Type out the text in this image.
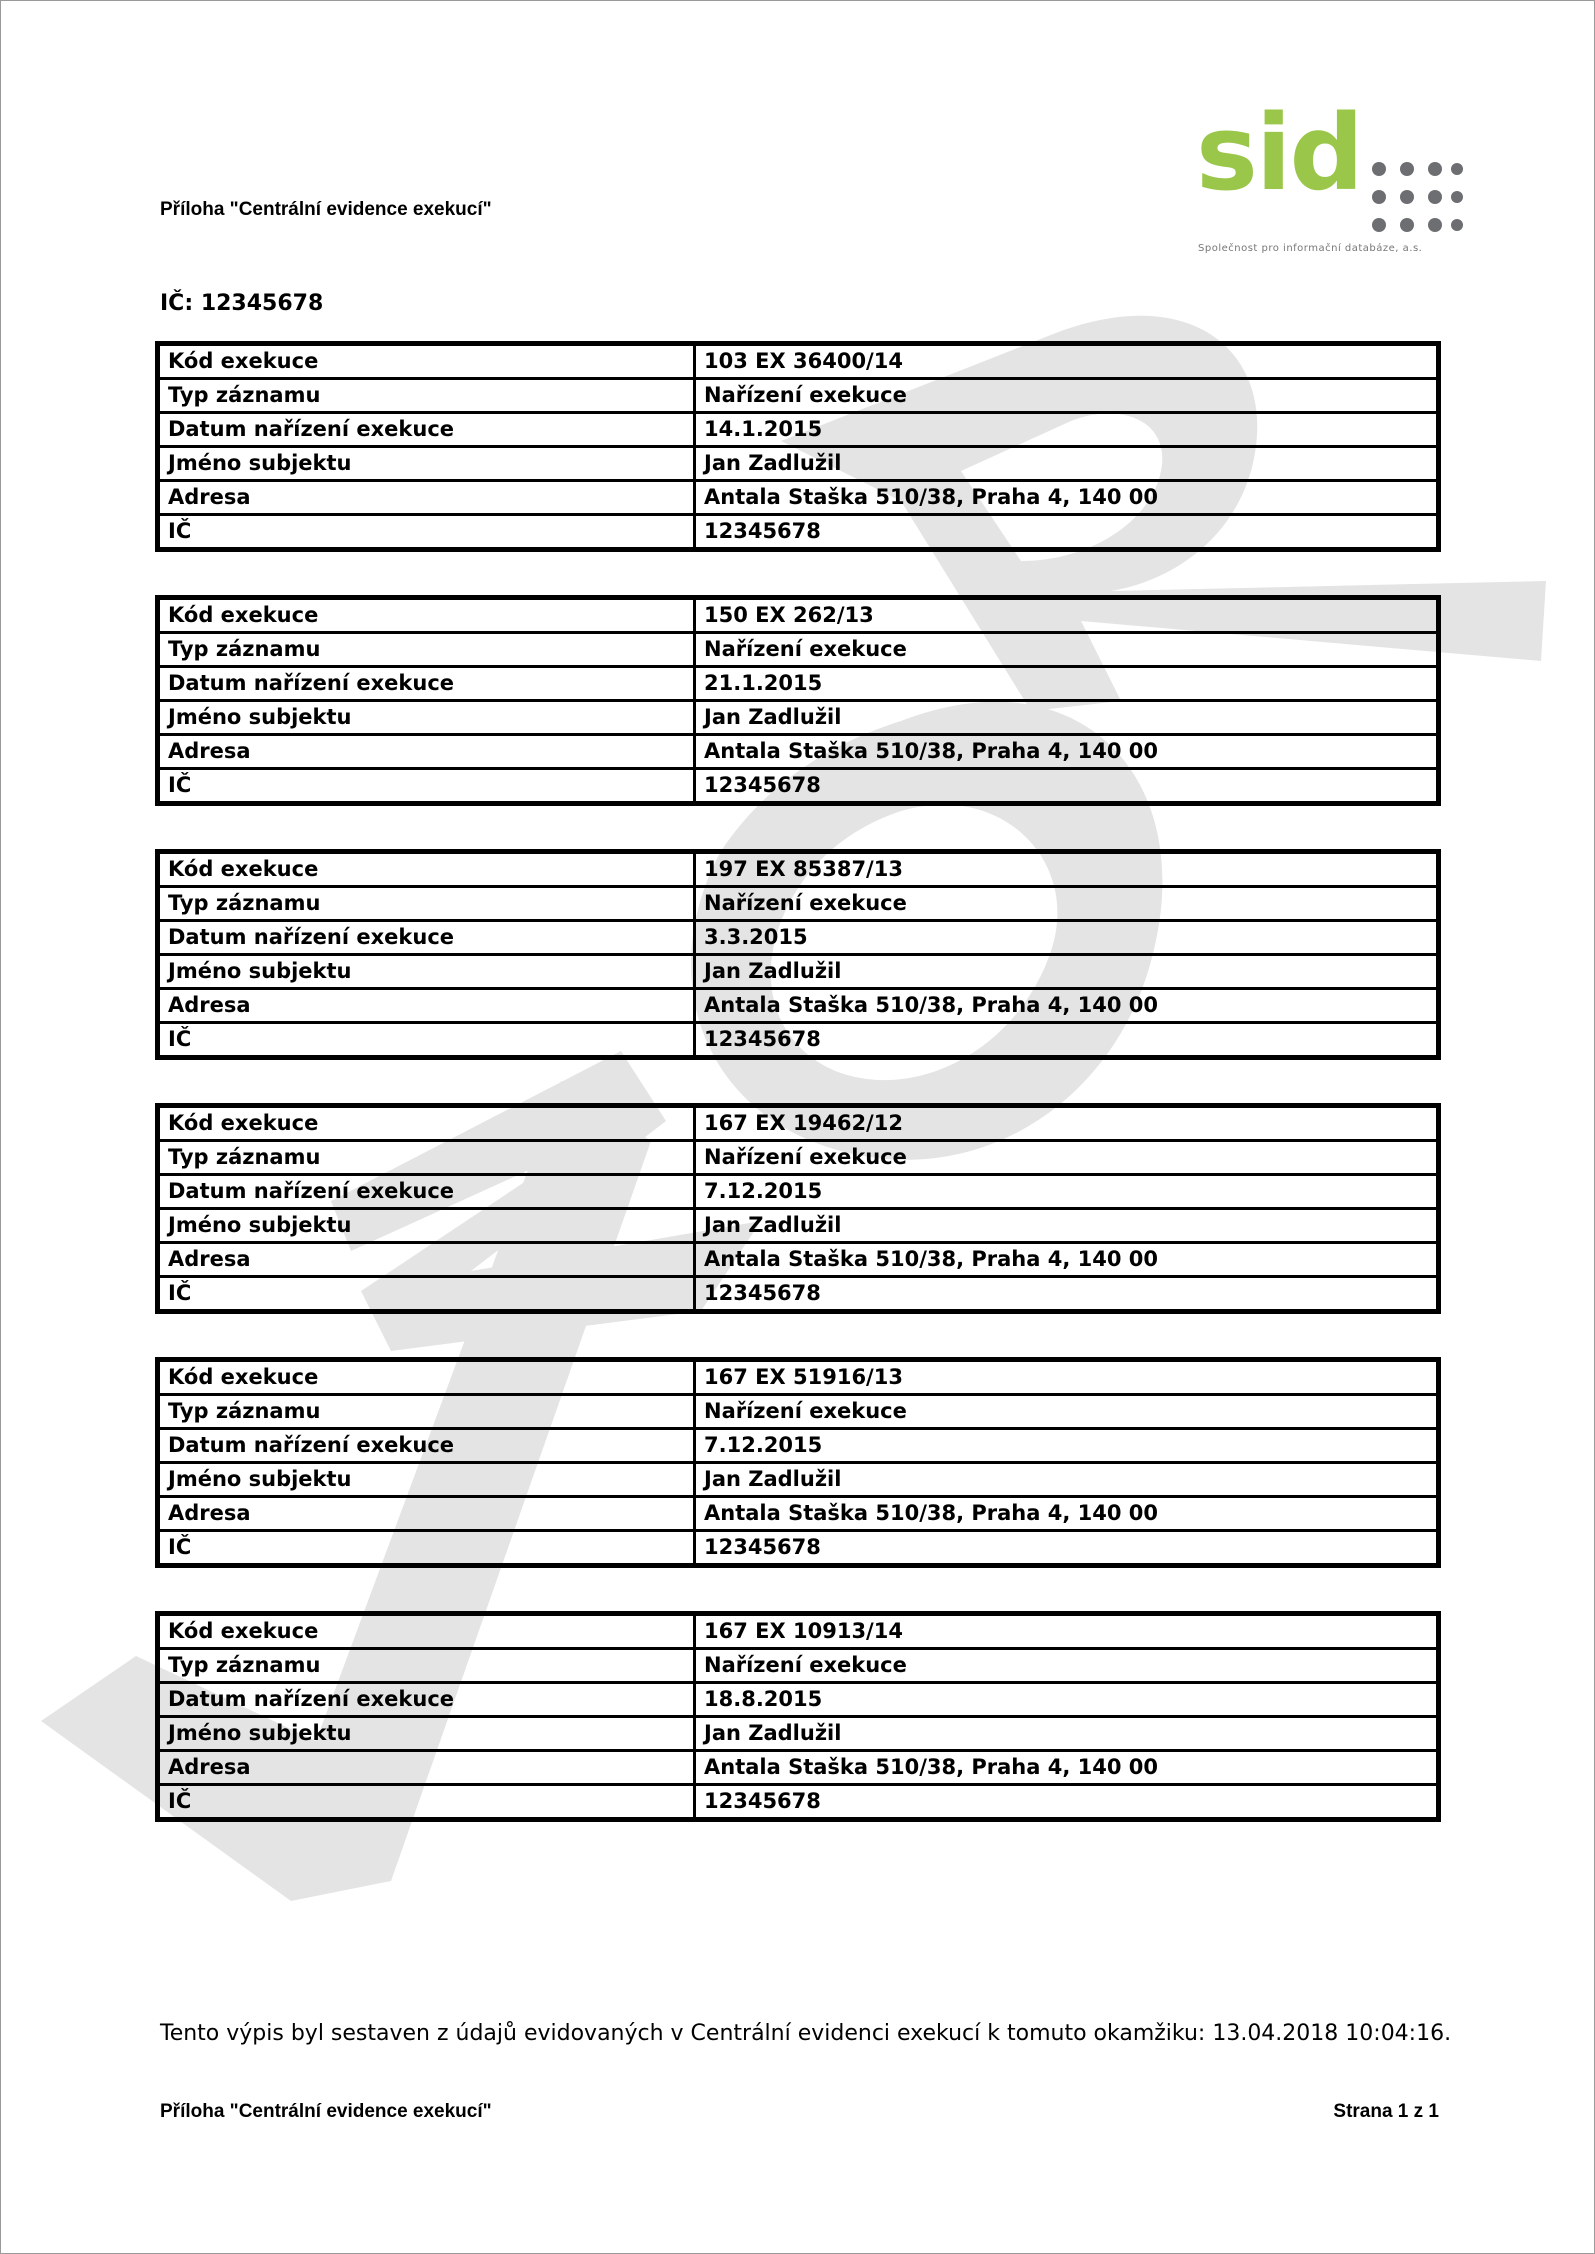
Příloha "Centrální evidence exekucí"	sid
Společnost pro informační databáze, a.s.
IČ: 12345678
Kód exekuce	103 EX 36400/14
Typ záznamu	Nařízení exekuce
Datum nařízení exekuce	14.1.2015
Jméno subjektu	Jan Zadlužil
Adresa	Antala Staška 510/38, Praha 4, 140 00
IČ	12345678
Kód exekuce	150 EX 262/13
Typ záznamu	Nařízení exekuce
Datum nařízení exekuce	21.1.2015
Jméno subjektu	Jan Zadlužil
Adresa	Antala Staška 510/38, Praha 4, 140 00
IČ	12345678
Kód exekuce	197 EX 85387/13
Typ záznamu	Nařízení exekuce
Datum nařízení exekuce	3.3.2015
Jméno subjektu	Jan Zadlužil
Adresa	Antala Staška 510/38, Praha 4, 140 00
IČ	12345678
Kód exekuce	167 EX 19462/12
Typ záznamu	Nařízení exekuce
Datum nařízení exekuce	7.12.2015
Jméno subjektu	Jan Zadlužil
Adresa	Antala Staška 510/38, Praha 4, 140 00
IČ	12345678
Kód exekuce	167 EX 51916/13
Typ záznamu	Nařízení exekuce
Datum nařízení exekuce	7.12.2015
Jméno subjektu	Jan Zadlužil
Adresa	Antala Staška 510/38, Praha 4, 140 00
IČ	12345678
Kód exekuce	167 EX 10913/14
Typ záznamu	Nařízení exekuce
Datum nařízení exekuce	18.8.2015
Jméno subjektu	Jan Zadlužil
Adresa	Antala Staška 510/38, Praha 4, 140 00
IČ	12345678
Tento výpis byl sestaven z údajů evidovaných v Centrální evidenci exekucí k tomuto okamžiku: 13.04.2018 10:04:16.
Příloha "Centrální evidence exekucí"	Strana 1 z 1
